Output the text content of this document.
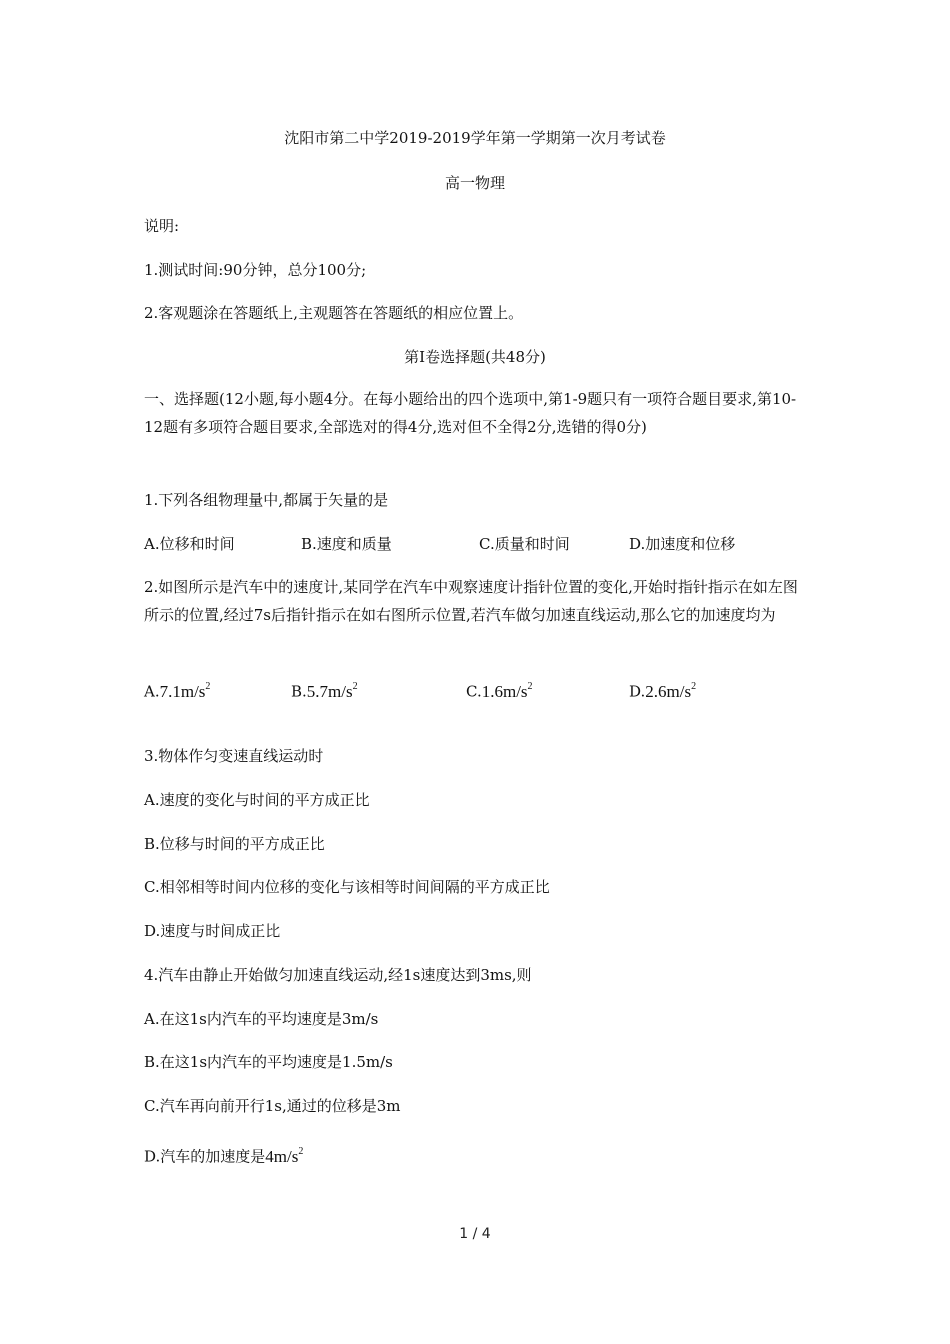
沈阳市第二中学2019-2019学年第一学期第一次月考试卷
高一物理
说明:
1.测试时间:90分钟，总分100分;
2.客观题涂在答题纸上,主观题答在答题纸的相应位置上。
第Ⅰ卷选择题(共48分)
一、选择题(12小题,每小题4分。在每小题给出的四个选项中,第1-9题只有一项符合题目要求,第10-12题有多项符合题目要求,全部选对的得4分,选对但不全得2分,选错的得0分)
1.下列各组物理量中,都属于矢量的是
A.位移和时间	B.速度和质量	C.质量和时间	D.加速度和位移
2.如图所示是汽车中的速度计,某同学在汽车中观察速度计指针位置的变化,开始时指针指示在如左图所示的位置,经过7s后指针指示在如右图所示位置,若汽车做匀加速直线运动,那么它的加速度均为
$A.7.1m/s^2$	$B.5.7m/s^2$	$C.1.6m/s^2$	$D.2.6m/s^2$
3.物体作匀变速直线运动时
A.速度的变化与时间的平方成正比
B.位移与时间的平方成正比
C.相邻相等时间内位移的变化与该相等时间间隔的平方成正比
D.速度与时间成正比
4.汽车由静止开始做匀加速直线运动,经1s速度达到3ms,则
A.在这1s内汽车的平均速度是3m/s
B.在这1s内汽车的平均速度是1.5m/s
C.汽车再向前开行1s,通过的位移是3m
D.汽车的加速度是$4m/s^2$
1 / 4
